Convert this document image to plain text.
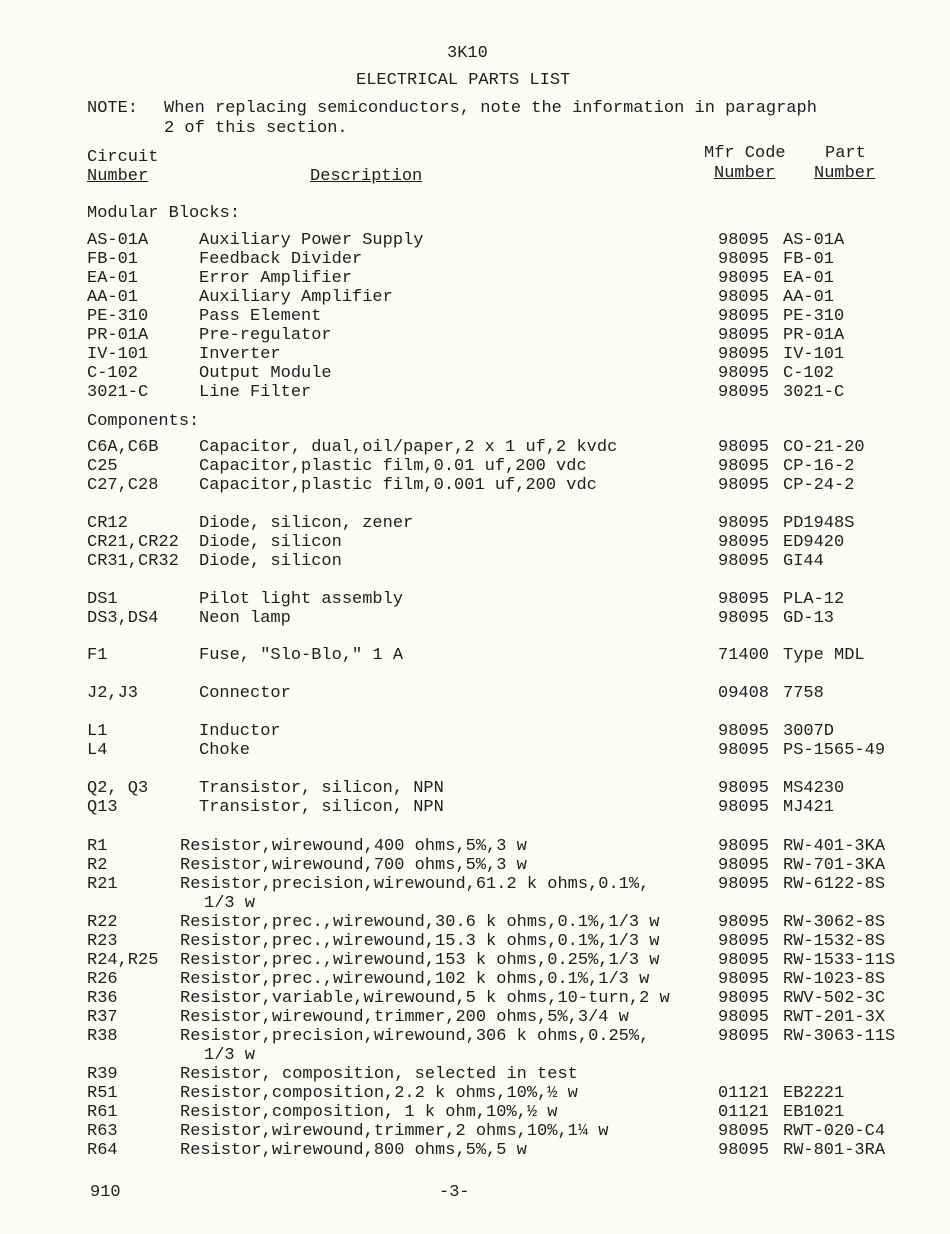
3K10
ELECTRICAL PARTS LIST
NOTE: When replacing semiconductors, note the information in paragraph
2 of this section.
Circuit
Number	Description
Mfr Code
Number
Part
Number
Modular Blocks:
Components:
AS-01A	Auxiliary Power Supply	98095 AS-01A
FB-01	Feedback Divider	98095 FB-01
EA-01	Error Amplifier	98095 EA-01
AA-01	Auxiliary Amplifier	98095 AA-01
PE-310	Pass Element	98095 PE-310
PR-01A	Pre-regulator	98095 PR-01A
IV-101	Inverter	98095 IV-101
C-102	Output Module	98095 C-102
3021-C	Line Filter	98095 3021-C
C6A,C6B Capacitor, dual,oil/paper,2 x 1 uf,2 kvdc	98095 CO-21-20
C25	Capacitor,plastic film,0.01 uf,200 vdc	98095 CP-16-2
C27,C28 Capacitor,plastic film,0.001 uf,200 vdc	98095 CP-24-2
CR12	Diode, silicon, zener	98095 PD1948S
CR21,CR22 Diode, silicon	98095 ED9420
CR31,CR32 Diode, silicon	98095 GI44
DS1	Pilot light assembly	98095 PLA-12
DS3,DS4 Neon lamp	98095 GD-13
F1	Fuse, "Slo-Blo," 1 A	71400 Type MDL
J2,J3	Connector	09408 7758
L1	Inductor	98095 3007D
L4	Choke	98095 PS-1565-49
Q2, Q3	Transistor, silicon, NPN	98095 MS4230
Q13	Transistor, silicon, NPN	98095 MJ421
R1	Resistor,wirewound,400 ohms,5%,3 w	98095 RW-401-3KA
R2	Resistor,wirewound,700 ohms,5%,3 w	98095 RW-701-3KA
R21	Resistor,precision,wirewound,61.2 k ohms,0.1%,	98095 RW-6122-8S
1/3 w
R22	Resistor,prec.,wirewound,30.6 k ohms,0.1%,1/3 w	98095 RW-3062-8S
R23	Resistor,prec.,wirewound,15.3 k ohms,0.1%,1/3 w	98095 RW-1532-8S
R24,R25 Resistor,prec.,wirewound,153 k ohms,0.25%,1/3 w	98095 RW-1533-11S
R26	Resistor,prec.,wirewound,102 k ohms,0.1%,1/3 w	98095 RW-1023-8S
R36	Resistor,variable,wirewound,5 k ohms,10-turn,2 w	98095 RWV-502-3C
R37	Resistor,wirewound,trimmer,200 ohms,5%,3/4 w	98095 RWT-201-3X
R38	Resistor,precision,wirewound,306 k ohms,0.25%,	98095 RW-3063-11S
1/3 w
R39	Resistor, composition, selected in test
R51	Resistor,composition,2.2 k ohms,10%,½ w	01121 EB2221
R61	Resistor,composition, 1 k ohm,10%,½ w	01121 EB1021
R63	Resistor,wirewound,trimmer,2 ohms,10%,1¼ w	98095 RWT-020-C4
R64	Resistor,wirewound,800 ohms,5%,5 w	98095 RW-801-3RA
910	-3-
